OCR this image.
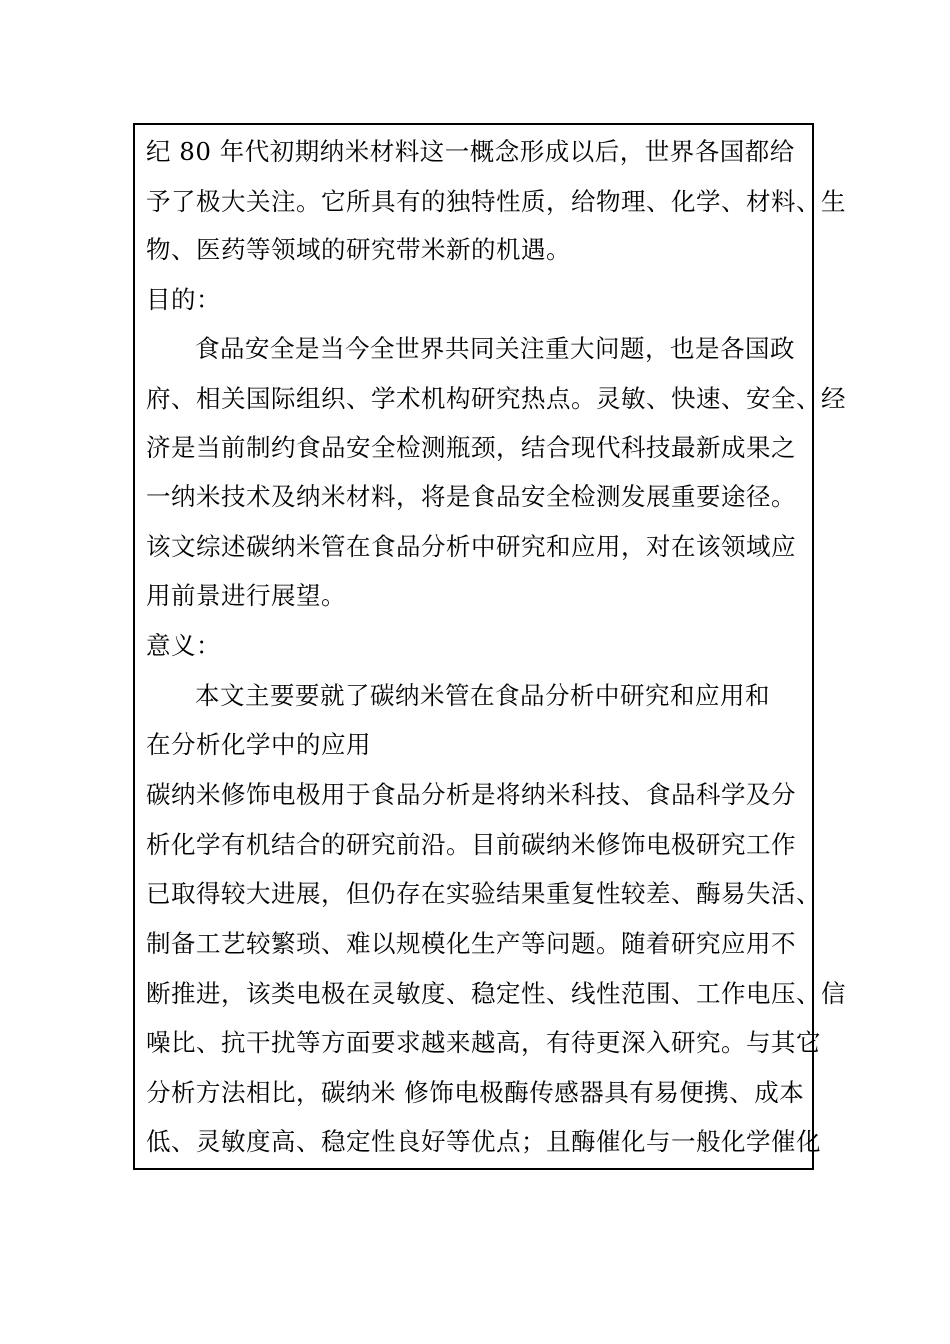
纪 80 年代初期纳米材料这一概念形成以后，世界各国都给
予了极大关注。它所具有的独特性质，给物理、化学、材料、生
物、医药等领域的研究带米新的机遇。
目的：
食品安全是当今全世界共同关注重大问题，也是各国政
府、相关国际组织、学术机构研究热点。灵敏、快速、安全、经
济是当前制约食品安全检测瓶颈，结合现代科技最新成果之
一纳米技术及纳米材料，将是食品安全检测发展重要途径。
该文综述碳纳米管在食品分析中研究和应用，对在该领域应
用前景进行展望。
意义：
本文主要要就了碳纳米管在食品分析中研究和应用和
在分析化学中的应用
碳纳米修饰电极用于食品分析是将纳米科技、食品科学及分
析化学有机结合的研究前沿。目前碳纳米修饰电极研究工作
已取得较大进展，但仍存在实验结果重复性较差、酶易失活、
制备工艺较繁琐、难以规模化生产等问题。随着研究应用不
断推进，该类电极在灵敏度、稳定性、线性范围、工作电压、信
噪比、抗干扰等方面要求越来越高，有待更深入研究。与其它
分析方法相比，碳纳米 修饰电极酶传感器具有易便携、成本
低、灵敏度高、稳定性良好等优点；且酶催化与一般化学催化
